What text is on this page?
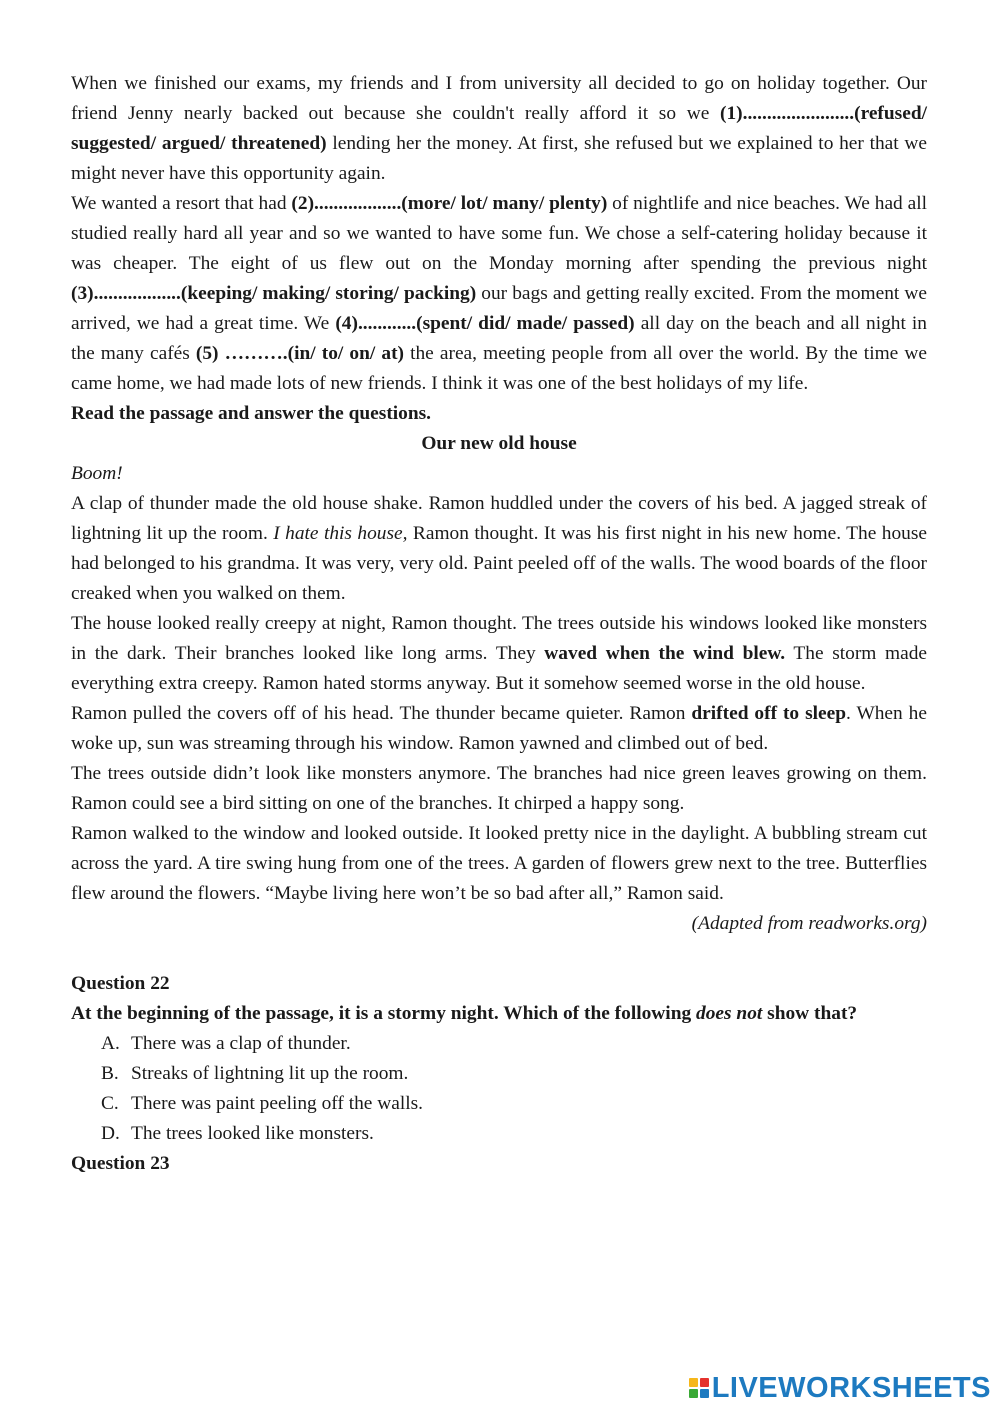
When we finished our exams, my friends and I from university all decided to go on holiday together. Our friend Jenny nearly backed out because she couldn't really afford it so we (1).......................(refused/ suggested/ argued/ threatened) lending her the money. At first, she refused but we explained to her that we might never have this opportunity again.

We wanted a resort that had (2)..................(more/ lot/ many/ plenty) of nightlife and nice beaches. We had all studied really hard all year and so we wanted to have some fun. We chose a self-catering holiday because it was cheaper. The eight of us flew out on the Monday morning after spending the previous night (3)..................(keeping/ making/ storing/ packing) our bags and getting really excited. From the moment we arrived, we had a great time. We (4)............(spent/ did/ made/ passed) all day on the beach and all night in the many cafés (5) ……….(in/ to/ on/ at) the area, meeting people from all over the world. By the time we came home, we had made lots of new friends. I think it was one of the best holidays of my life.

Read the passage and answer the questions.

Our new old house

Boom!

A clap of thunder made the old house shake. Ramon huddled under the covers of his bed. A jagged streak of lightning lit up the room. I hate this house, Ramon thought. It was his first night in his new home. The house had belonged to his grandma. It was very, very old. Paint peeled off of the walls. The wood boards of the floor creaked when you walked on them.

The house looked really creepy at night, Ramon thought. The trees outside his windows looked like monsters in the dark. Their branches looked like long arms. They waved when the wind blew. The storm made everything extra creepy. Ramon hated storms anyway. But it somehow seemed worse in the old house.

Ramon pulled the covers off of his head. The thunder became quieter. Ramon drifted off to sleep. When he woke up, sun was streaming through his window. Ramon yawned and climbed out of bed.

The trees outside didn’t look like monsters anymore. The branches had nice green leaves growing on them. Ramon could see a bird sitting on one of the branches. It chirped a happy song.

Ramon walked to the window and looked outside. It looked pretty nice in the daylight. A bubbling stream cut across the yard. A tire swing hung from one of the trees. A garden of flowers grew next to the tree. Butterflies flew around the flowers. “Maybe living here won’t be so bad after all,” Ramon said.

(Adapted from readworks.org)

Question 22

At the beginning of the passage, it is a stormy night. Which of the following does not show that?

A. There was a clap of thunder.
B. Streaks of lightning lit up the room.
C. There was paint peeling off the walls.
D. The trees looked like monsters.

Question 23

LIVEWORKSHEETS
